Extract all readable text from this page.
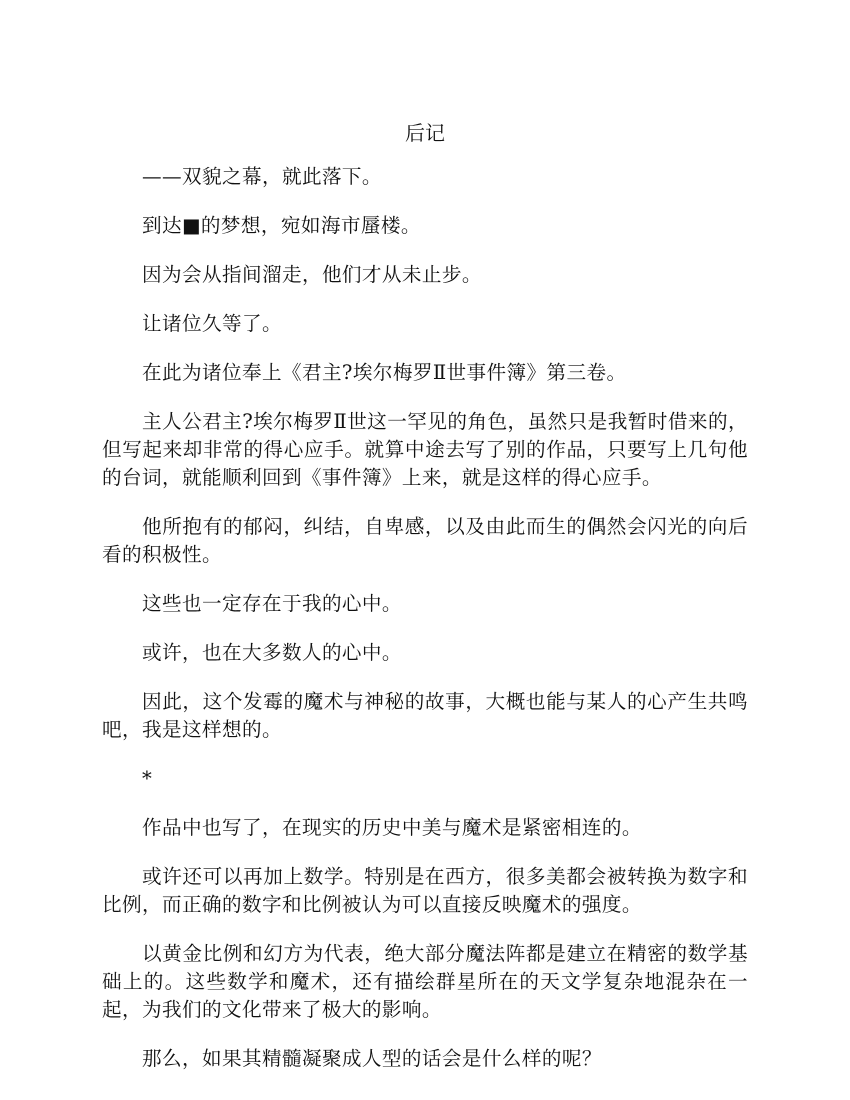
后记

——双貌之幕，就此落下。

到达■的梦想，宛如海市蜃楼。

因为会从指间溜走，他们才从未止步。

让诸位久等了。

在此为诸位奉上《君主?埃尔梅罗Ⅱ世事件簿》第三卷。

主人公君主?埃尔梅罗Ⅱ世这一罕见的角色，虽然只是我暂时借来的，但写起来却非常的得心应手。就算中途去写了别的作品，只要写上几句他的台词，就能顺利回到《事件簿》上来，就是这样的得心应手。

他所抱有的郁闷，纠结，自卑感，以及由此而生的偶然会闪光的向后看的积极性。

这些也一定存在于我的心中。

或许，也在大多数人的心中。

因此，这个发霉的魔术与神秘的故事，大概也能与某人的心产生共鸣吧，我是这样想的。

*

作品中也写了，在现实的历史中美与魔术是紧密相连的。

或许还可以再加上数学。特别是在西方，很多美都会被转换为数字和比例，而正确的数字和比例被认为可以直接反映魔术的强度。

以黄金比例和幻方为代表，绝大部分魔法阵都是建立在精密的数学基础上的。这些数学和魔术，还有描绘群星所在的天文学复杂地混杂在一起，为我们的文化带来了极大的影响。

那么，如果其精髓凝聚成人型的话会是什么样的呢？
